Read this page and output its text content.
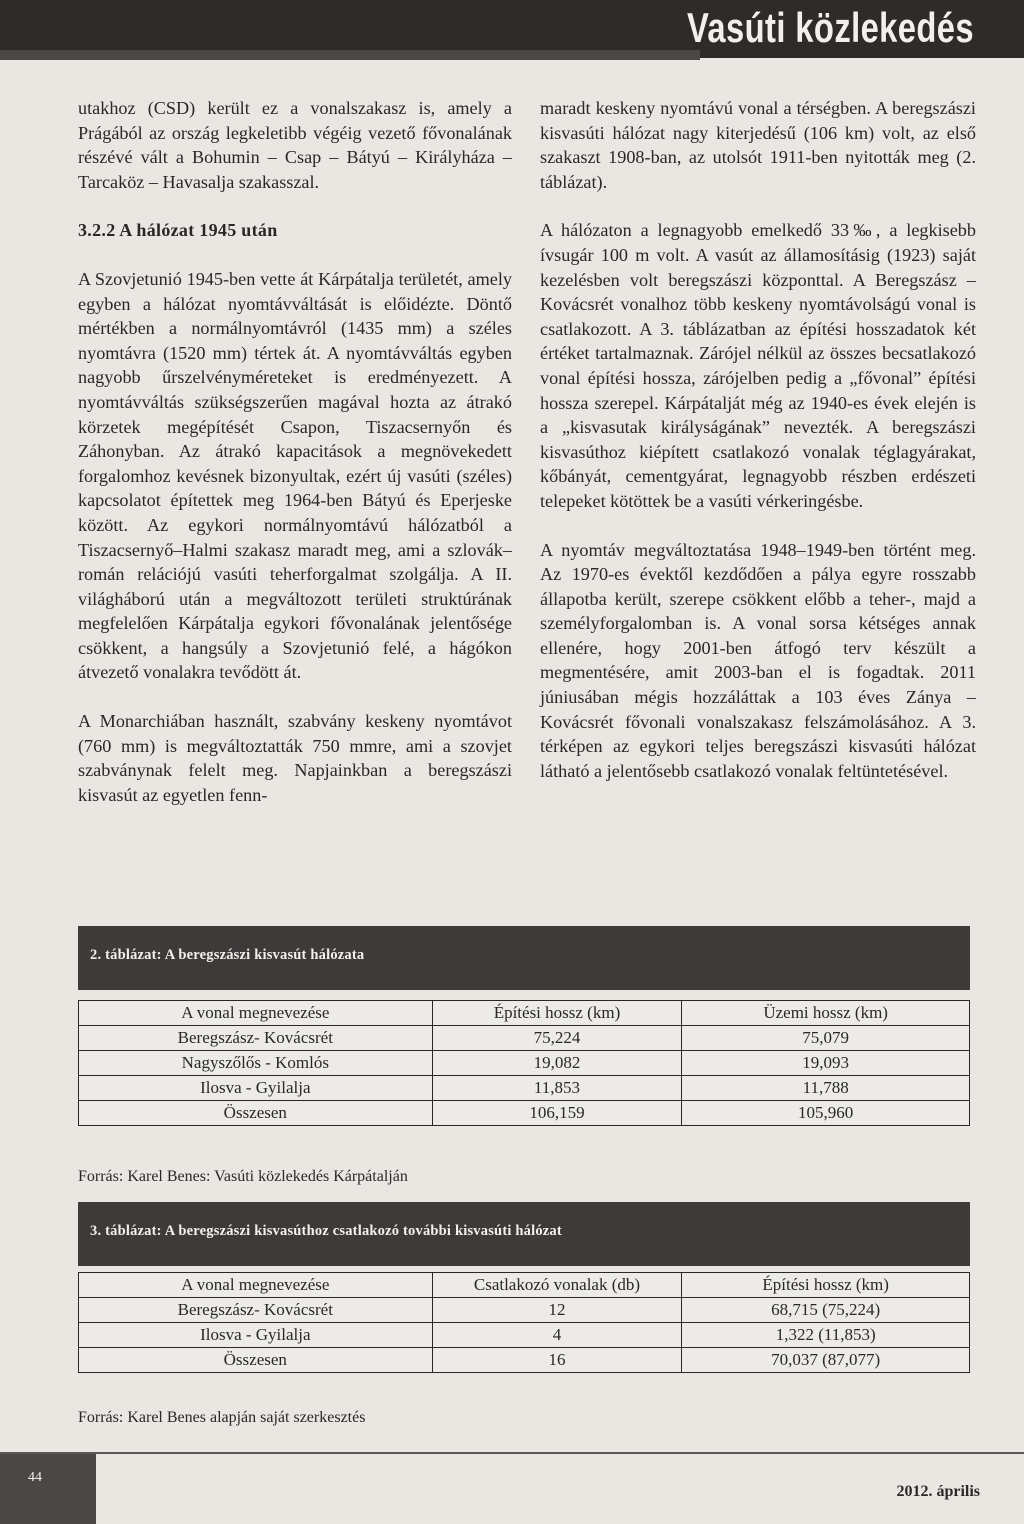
Vasúti közlekedés

utakhoz (CSD) került ez a vonalszakasz is, amely a Prágából az ország legkeletibb végéig vezető fővonalának részévé vált a Bohumin – Csap – Bátyú – Királyháza – Tarcaköz – Havasalja szakasszal.

3.2.2 A hálózat 1945 után

A Szovjetunió 1945-ben vette át Kárpátalja területét, amely egyben a hálózat nyomtávváltását is előidézte. Döntő mértékben a normálnyomtávról (1435 mm) a széles nyomtávra (1520 mm) tértek át. A nyomtávváltás egyben nagyobb űrszelvényméreteket is eredményezett. A nyomtávváltás szükségszerűen magával hozta az átrakó körzetek megépítését Csapon, Tiszacsernyőn és Záhonyban. Az átrakó kapacitások a megnövekedett forgalomhoz kevésnek bizonyultak, ezért új vasúti (széles) kapcsolatot építettek meg 1964-ben Bátyú és Eperjeske között. Az egykori normálnyomtávú hálózatból a Tiszacsernyő–Halmi szakasz maradt meg, ami a szlovák–román relációjú vasúti teherforgalmat szolgálja. A II. világháború után a megváltozott területi struktúrának megfelelően Kárpátalja egykori fővonalának jelentősége csökkent, a hangsúly a Szovjetunió felé, a hágókon átvezető vonalakra tevődött át.

A Monarchiában használt, szabvány keskeny nyomtávot (760 mm) is megváltoztatták 750 mmre, ami a szovjet szabványnak felelt meg. Napjainkban a beregszászi kisvasút az egyetlen fenn-

maradt keskeny nyomtávú vonal a térségben. A beregszászi kisvasúti hálózat nagy kiterjedésű (106 km) volt, az első szakaszt 1908-ban, az utolsót 1911-ben nyitották meg (2. táblázat).

A hálózaton a legnagyobb emelkedő 33‰, a legkisebb ívsugár 100 m volt. A vasút az államosításig (1923) saját kezelésben volt beregszászi központtal. A Beregszász – Kovácsrét vonalhoz több keskeny nyomtávolságú vonal is csatlakozott. A 3. táblázatban az építési hosszadatok két értéket tartalmaznak. Zárójel nélkül az összes becsatlakozó vonal építési hossza, zárójelben pedig a „fővonal” építési hossza szerepel. Kárpátalját még az 1940-es évek elején is a „kisvasutak királyságának” nevezték. A beregszászi kisvasúthoz kiépített csatlakozó vonalak téglagyárakat, kőbányát, cementgyárat, legnagyobb részben erdészeti telepeket kötöttek be a vasúti vérkeringésbe.

A nyomtáv megváltoztatása 1948–1949-ben történt meg. Az 1970-es évektől kezdődően a pálya egyre rosszabb állapotba került, szerepe csökkent előbb a teher-, majd a személyforgalomban is. A vonal sorsa kétséges annak ellenére, hogy 2001-ben átfogó terv készült a megmentésére, amit 2003-ban el is fogadtak. 2011 júniusában mégis hozzáláttak a 103 éves Zánya – Kovácsrét fővonali vonalszakasz felszámolásához. A 3. térképen az egykori teljes beregszászi kisvasúti hálózat látható a jelentősebb csatlakozó vonalak feltüntetésével.

2. táblázat: A beregszászi kisvasút hálózata
A vonal megnevezése	Építési hossz (km)	Üzemi hossz (km)
Beregszász- Kovácsrét	75,224	75,079
Nagyszőlős - Komlós	19,082	19,093
Ilosva - Gyilalja	11,853	11,788
Összesen	106,159	105,960
Forrás: Karel Benes: Vasúti közlekedés Kárpátalján
3. táblázat: A beregszászi kisvasúthoz csatlakozó további kisvasúti hálózat
A vonal megnevezése	Csatlakozó vonalak (db)	Építési hossz (km)
Beregszász- Kovácsrét	12	68,715 (75,224)
Ilosva - Gyilalja	4	1,322 (11,853)
Összesen	16	70,037 (87,077)
Forrás: Karel Benes alapján saját szerkesztés
44
2012. április
